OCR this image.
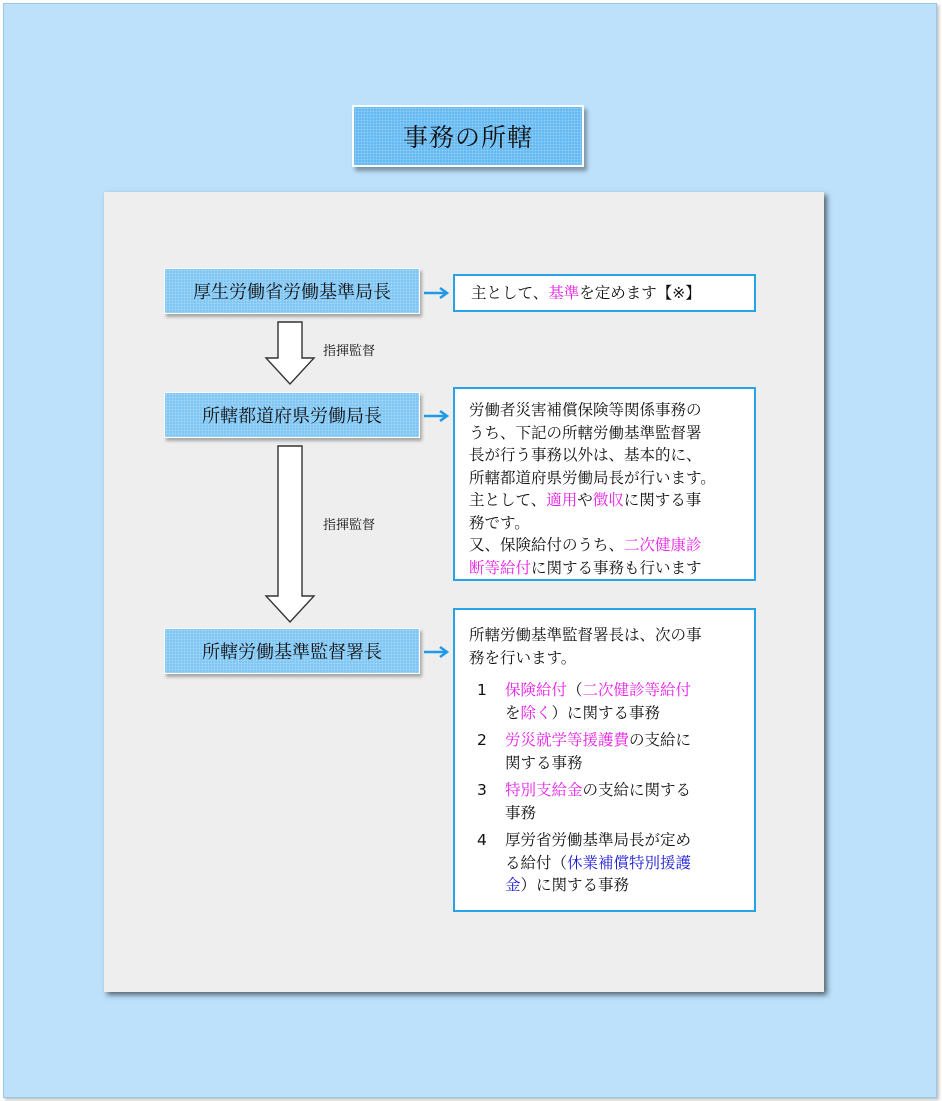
事務の所轄
厚生労働省労働基準局長
所轄都道府県労働局長
所轄労働基準監督署長
指揮監督
指揮監督
主として、基準を定めます【※】
労働者災害補償保険等関係事務の
うち、下記の所轄労働基準監督署
長が行う事務以外は、基本的に、
所轄都道府県労働局長が行います。
主として、適用や徴収に関する事
務です。
又、保険給付のうち、二次健康診
断等給付に関する事務も行います
所轄労働基準監督署長は、次の事
務を行います。
1 保険給付（二次健診等給付
を除く）に関する事務
2 労災就学等援護費の支給に
関する事務
3 特別支給金の支給に関する
事務
4 厚労省労働基準局長が定め
る給付（休業補償特別援護
金）に関する事務
